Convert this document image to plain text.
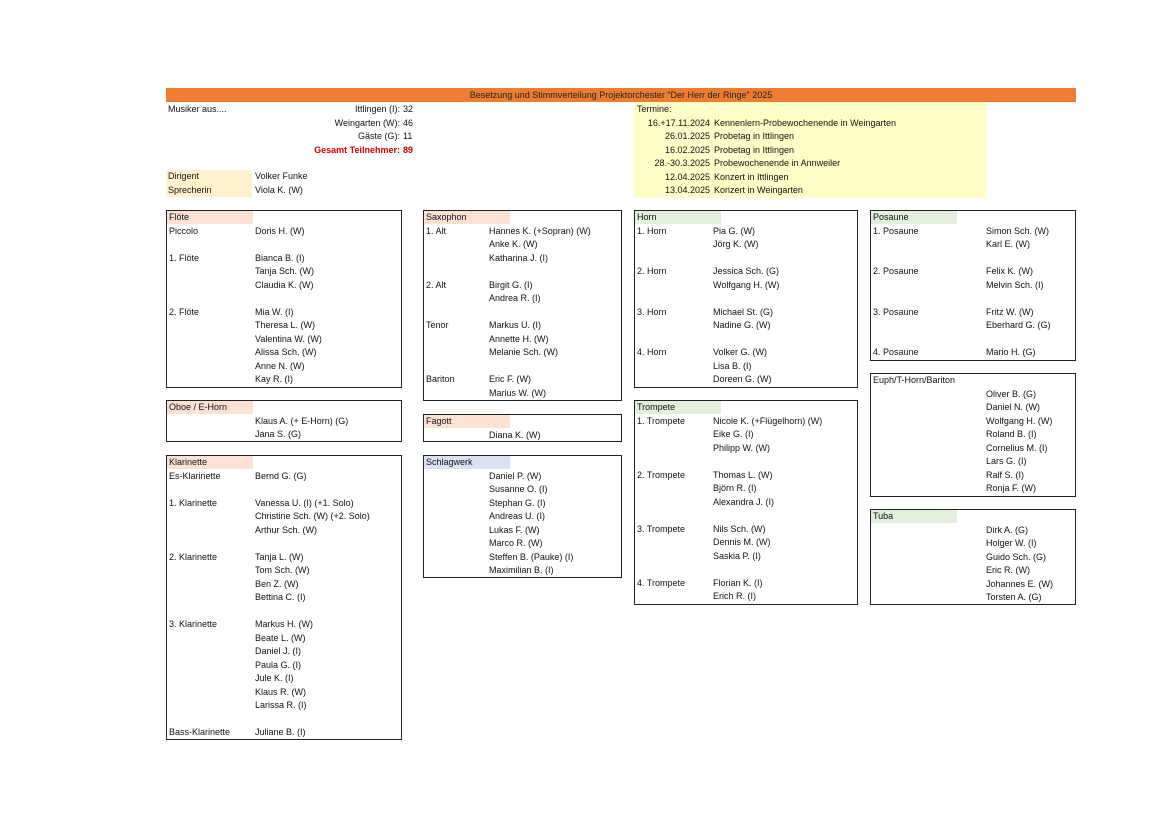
Besetzung und Stimmverteilung Projektorchester "Der Herr der Ringe" 2025
Musiker aus....	Ittlingen (I): 32
Weingarten (W): 46
Gäste (G): 11
Gesamt Teilnehmer: 89
Dirigent	Volker Funke
Sprecherin	Viola K. (W)
Termine:
16.+17.11.2024 Kennenlern-Probewochenende in Weingarten
26.01.2025 Probetag in Ittlingen
16.02.2025 Probetag in Ittlingen
28.-30.3.2025 Probewochenende in Annweiler
12.04.2025 Konzert in Ittlingen
13.04.2025 Konzert in Weingarten
Flöte
Piccolo	Doris H. (W)
1. Flöte	Bianca B. (I)
Tanja Sch. (W)
Claudia K. (W)
2. Flöte	Mia W. (I)
Theresa L. (W)
Valentina W. (W)
Alissa Sch. (W)
Anne N. (W)
Kay R. (I)
Oboe / E-Horn
Klaus A. (+ E-Horn) (G)
Jana S. (G)
Klarinette
Es-Klarinette	Bernd G. (G)
1. Klarinette	Vanessa U. (I) (+1. Solo)
Christine Sch. (W) (+2. Solo)
Arthur Sch. (W)
2. Klarinette	Tanja L. (W)
Tom Sch. (W)
Ben Z. (W)
Bettina C. (I)
3. Klarinette	Markus H. (W)
Beate L. (W)
Daniel J. (I)
Paula G. (I)
Jule K. (I)
Klaus R. (W)
Larissa R. (I)
Bass-Klarinette	Juliane B. (I)
Saxophon
1. Alt	Hannes K. (+Sopran) (W)
Anke K. (W)
Katharina J. (I)
2. Alt	Birgit G. (I)
Andrea R. (I)
Tenor	Markus U. (I)
Annette H. (W)
Melanie Sch. (W)
Bariton	Eric F. (W)
Marius W. (W)
Fagott
Diana K. (W)
Schlagwerk
Daniel P. (W)
Susanne O. (I)
Stephan G. (I)
Andreas U. (I)
Lukas F. (W)
Marco R. (W)
Steffen B. (Pauke) (I)
Maximilian B. (I)
Horn
1. Horn	Pia G. (W)
Jörg K. (W)
2. Horn	Jessica Sch. (G)
Wolfgang H. (W)
3. Horn	Michael St. (G)
Nadine G. (W)
4. Horn	Volker G. (W)
Lisa B. (I)
Doreen G. (W)
Trompete
1. Trompete	Nicole K. (+Flügelhorn) (W)
Eike G. (I)
Philipp W. (W)
2. Trompete	Thomas L. (W)
Björn R. (I)
Alexandra J. (I)
3. Trompete	Nils Sch. (W)
Dennis M. (W)
Saskia P. (I)
4. Trompete	Florian K. (I)
Erich R. (I)
Posaune
1. Posaune	Simon Sch. (W)
Karl E. (W)
2. Posaune	Felix K. (W)
Melvin Sch. (I)
3. Posaune	Fritz W. (W)
Eberhard G. (G)
4. Posaune	Mario H. (G)
Euph/T-Horn/Bariton
Oliver B. (G)
Daniel N. (W)
Wolfgang H. (W)
Roland B. (I)
Cornelius M. (I)
Lars G. (I)
Ralf S. (I)
Ronja F. (W)
Tuba
Dirk A. (G)
Holger W. (I)
Guido Sch. (G)
Eric R. (W)
Johannes E. (W)
Torsten A. (G)
